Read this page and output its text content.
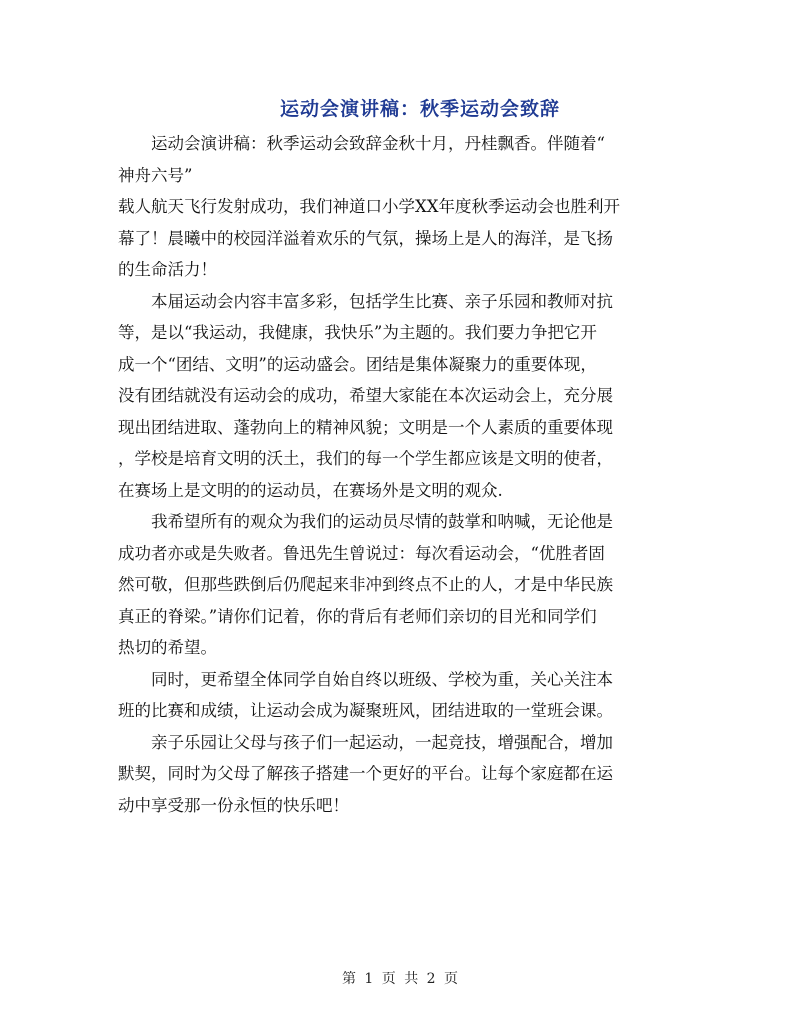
运动会演讲稿：秋季运动会致辞

运动会演讲稿：秋季运动会致辞金秋十月，丹桂飘香。伴随着“
神舟六号”

载人航天飞行发射成功，我们神道口小学XX年度秋季运动会也胜利开
幕了！晨曦中的校园洋溢着欢乐的气氛，操场上是人的海洋，是飞扬
的生命活力！

本届运动会内容丰富多彩，包括学生比赛、亲子乐园和教师对抗
等，是以“我运动，我健康，我快乐”为主题的。我们要力争把它开
成一个“团结、文明”的运动盛会。团结是集体凝聚力的重要体现，
没有团结就没有运动会的成功，希望大家能在本次运动会上，充分展
现出团结进取、蓬勃向上的精神风貌；文明是一个人素质的重要体现
，学校是培育文明的沃土，我们的每一个学生都应该是文明的使者，
在赛场上是文明的的运动员，在赛场外是文明的观众.

我希望所有的观众为我们的运动员尽情的鼓掌和呐喊，无论他是
成功者亦或是失败者。鲁迅先生曾说过：每次看运动会，“优胜者固
然可敬，但那些跌倒后仍爬起来非冲到终点不止的人，才是中华民族
真正的脊梁。”请你们记着，你的背后有老师们亲切的目光和同学们
热切的希望。

同时，更希望全体同学自始自终以班级、学校为重，关心关注本
班的比赛和成绩，让运动会成为凝聚班风，团结进取的一堂班会课。

亲子乐园让父母与孩子们一起运动，一起竞技，增强配合，增加
默契，同时为父母了解孩子搭建一个更好的平台。让每个家庭都在运
动中享受那一份永恒的快乐吧！

第 1 页 共 2 页
